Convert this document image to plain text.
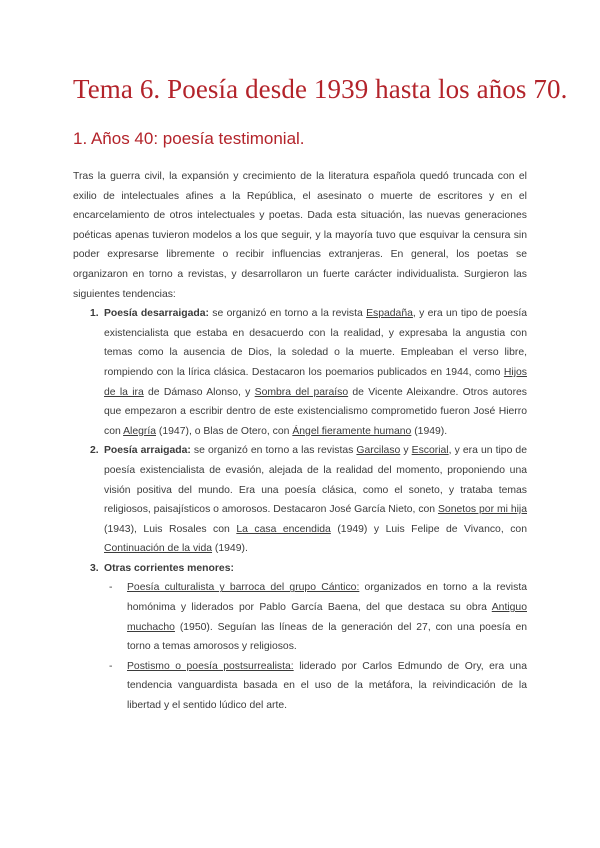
Tema 6. Poesía desde 1939 hasta los años 70.
1. Años 40: poesía testimonial.

Tras la guerra civil, la expansión y crecimiento de la literatura española quedó truncada con el exilio de intelectuales afines a la República, el asesinato o muerte de escritores y en el encarcelamiento de otros intelectuales y poetas. Dada esta situación, las nuevas generaciones poéticas apenas tuvieron modelos a los que seguir, y la mayoría tuvo que esquivar la censura sin poder expresarse libremente o recibir influencias extranjeras. En general, los poetas se organizaron en torno a revistas, y desarrollaron un fuerte carácter individualista. Surgieron las siguientes tendencias:

1. Poesía desarraigada: se organizó en torno a la revista Espadaña, y era un tipo de poesía existencialista que estaba en desacuerdo con la realidad, y expresaba la angustia con temas como la ausencia de Dios, la soledad o la muerte. Empleaban el verso libre, rompiendo con la lírica clásica. Destacaron los poemarios publicados en 1944, como Hijos de la ira de Dámaso Alonso, y Sombra del paraíso de Vicente Aleixandre. Otros autores que empezaron a escribir dentro de este existencialismo comprometido fueron José Hierro con Alegría (1947), o Blas de Otero, con Ángel fieramente humano (1949).
2. Poesía arraigada: se organizó en torno a las revistas Garcilaso y Escorial, y era un tipo de poesía existencialista de evasión, alejada de la realidad del momento, proponiendo una visión positiva del mundo. Era una poesía clásica, como el soneto, y trataba temas religiosos, paisajísticos o amorosos. Destacaron José García Nieto, con Sonetos por mi hija (1943), Luis Rosales con La casa encendida (1949) y Luis Felipe de Vivanco, con Continuación de la vida (1949).
3. Otras corrientes menores:
- Poesía culturalista y barroca del grupo Cántico: organizados en torno a la revista homónima y liderados por Pablo García Baena, del que destaca su obra Antiguo muchacho (1950). Seguían las líneas de la generación del 27, con una poesía en torno a temas amorosos y religiosos.
- Postismo o poesía postsurrealista: liderado por Carlos Edmundo de Ory, era una tendencia vanguardista basada en el uso de la metáfora, la reivindicación de la libertad y el sentido lúdico del arte.
